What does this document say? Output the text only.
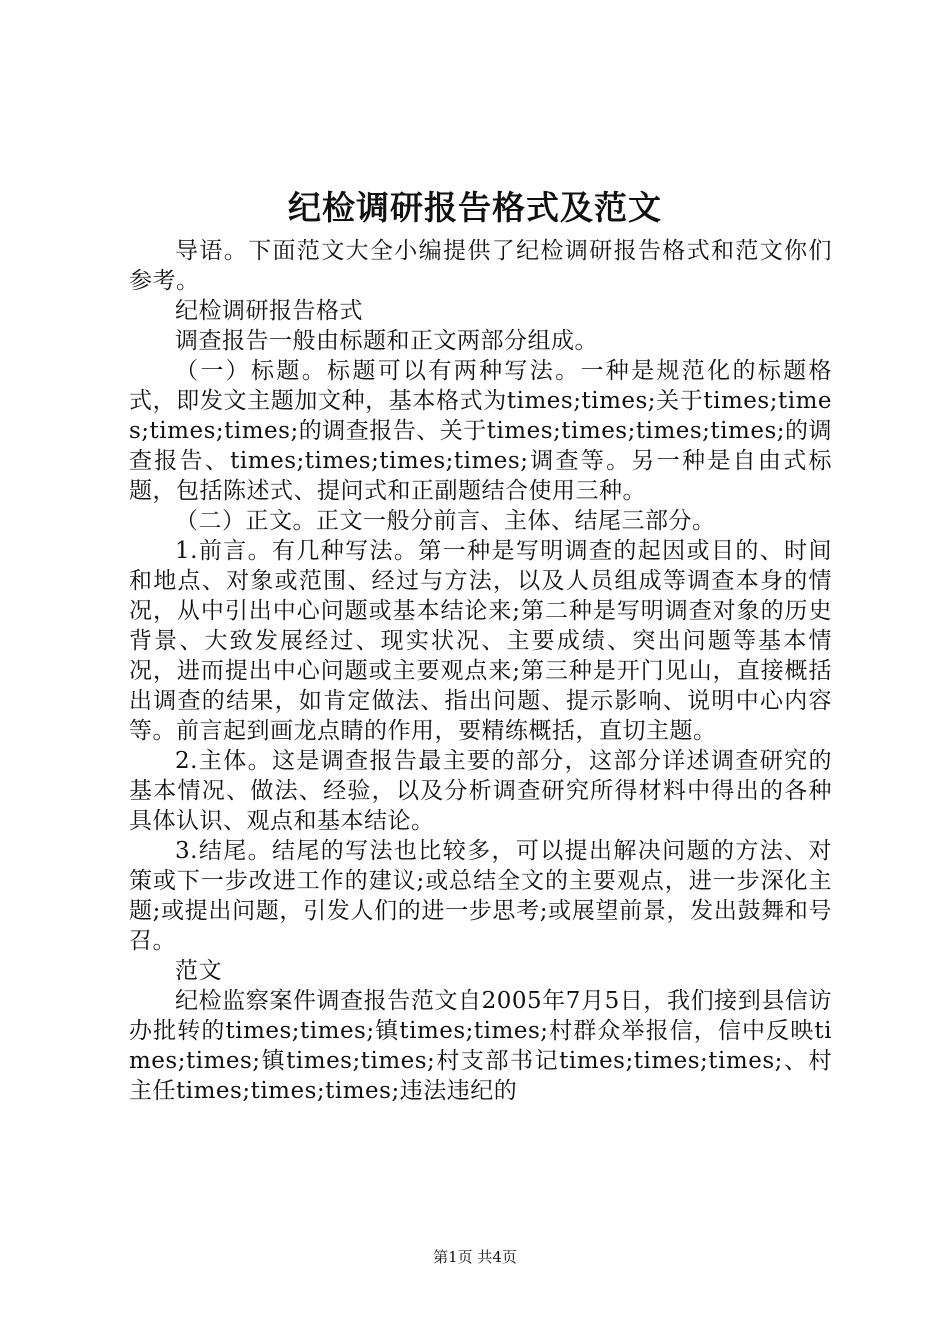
纪检调研报告格式及范文

导语。下面范文大全小编提供了纪检调研报告格式和范文你们参考。

纪检调研报告格式

调查报告一般由标题和正文两部分组成。

（一）标题。标题可以有两种写法。一种是规范化的标题格式，即发文主题加文种，基本格式为times;times;关于times;times;times;times;的调查报告、关于times;times;times;times;的调查报告、times;times;times;times;调查等。另一种是自由式标题，包括陈述式、提问式和正副题结合使用三种。

（二）正文。正文一般分前言、主体、结尾三部分。

1.前言。有几种写法。第一种是写明调查的起因或目的、时间和地点、对象或范围、经过与方法，以及人员组成等调查本身的情况，从中引出中心问题或基本结论来;第二种是写明调查对象的历史背景、大致发展经过、现实状况、主要成绩、突出问题等基本情况，进而提出中心问题或主要观点来;第三种是开门见山，直接概括出调查的结果，如肯定做法、指出问题、提示影响、说明中心内容等。前言起到画龙点睛的作用，要精练概括，直切主题。

2.主体。这是调查报告最主要的部分，这部分详述调查研究的基本情况、做法、经验，以及分析调查研究所得材料中得出的各种具体认识、观点和基本结论。

3.结尾。结尾的写法也比较多，可以提出解决问题的方法、对策或下一步改进工作的建议;或总结全文的主要观点，进一步深化主题;或提出问题，引发人们的进一步思考;或展望前景，发出鼓舞和号召。

范文

纪检监察案件调查报告范文自2005年7月5日，我们接到县信访办批转的times;times;镇times;times;村群众举报信，信中反映times;times;镇times;times;村支部书记times;times;times;、村主任times;times;times;违法违纪的

第1页 共4页
